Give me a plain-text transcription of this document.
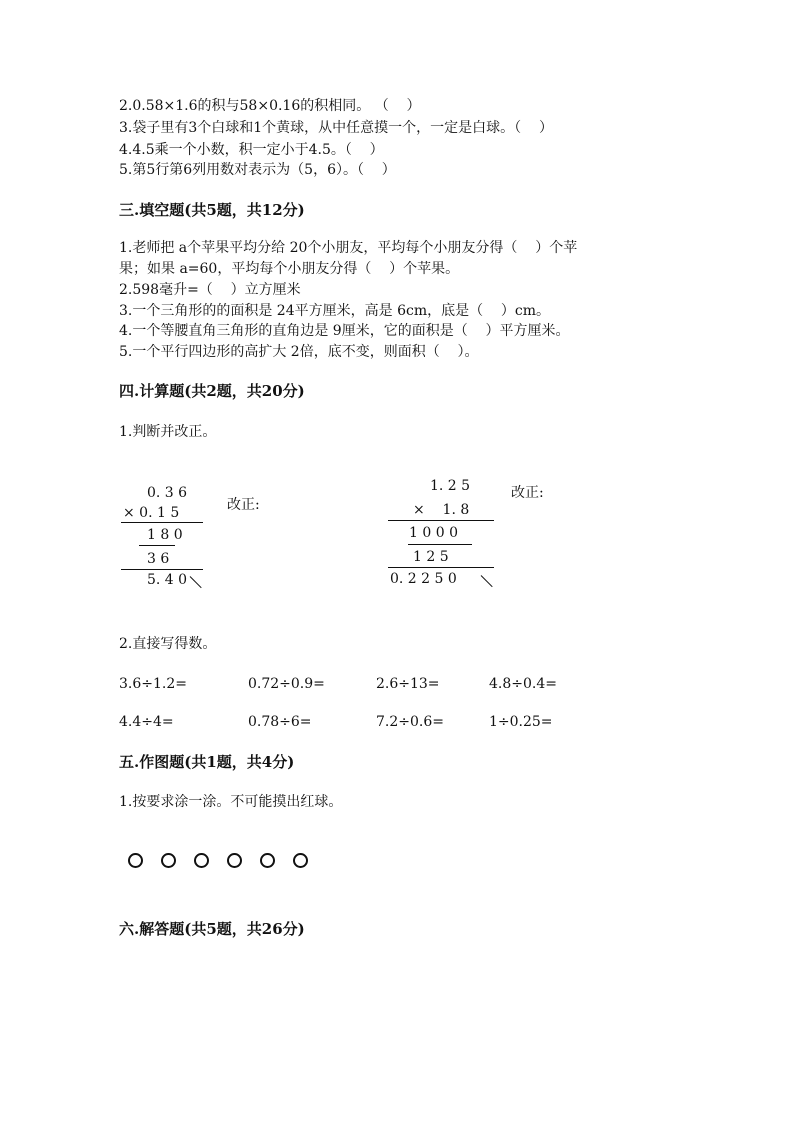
2.0.58×1.6的积与58×0.16的积相同。 （    ）
3.袋子里有3个白球和1个黄球，从中任意摸一个，一定是白球。（    ）
4.4.5乘一个小数，积一定小于4.5。（    ）
5.第5行第6列用数对表示为（5，6）。（    ）
三.填空题(共5题，共12分)
1.老师把 a个苹果平均分给 20个小朋友，平均每个小朋友分得（    ）个苹
果；如果 a=60，平均每个小朋友分得（    ）个苹果。
2.598毫升=（    ）立方厘米
3.一个三角形的的面积是 24平方厘米，高是 6cm，底是（    ）cm。
4.一个等腰直角三角形的直角边是 9厘米，它的面积是（    ）平方厘米。
5.一个平行四边形的高扩大 2倍，底不变，则面积（    ）。
四.计算题(共2题，共20分)
1.判断并改正。
0. 3 6
× 0. 1 5
1 8 0
3 6
5. 4 0
改正:
1. 2 5
×    1. 8
1 0 0 0
1 2 5
0. 2 2 5 0
改正:
2.直接写得数。
3.6÷1.2=	0.72÷0.9=	2.6÷13=	4.8÷0.4=
4.4÷4=	0.78÷6=	7.2÷0.6=	1÷0.25=
五.作图题(共1题，共4分)
1.按要求涂一涂。不可能摸出红球。
六.解答题(共5题，共26分)
